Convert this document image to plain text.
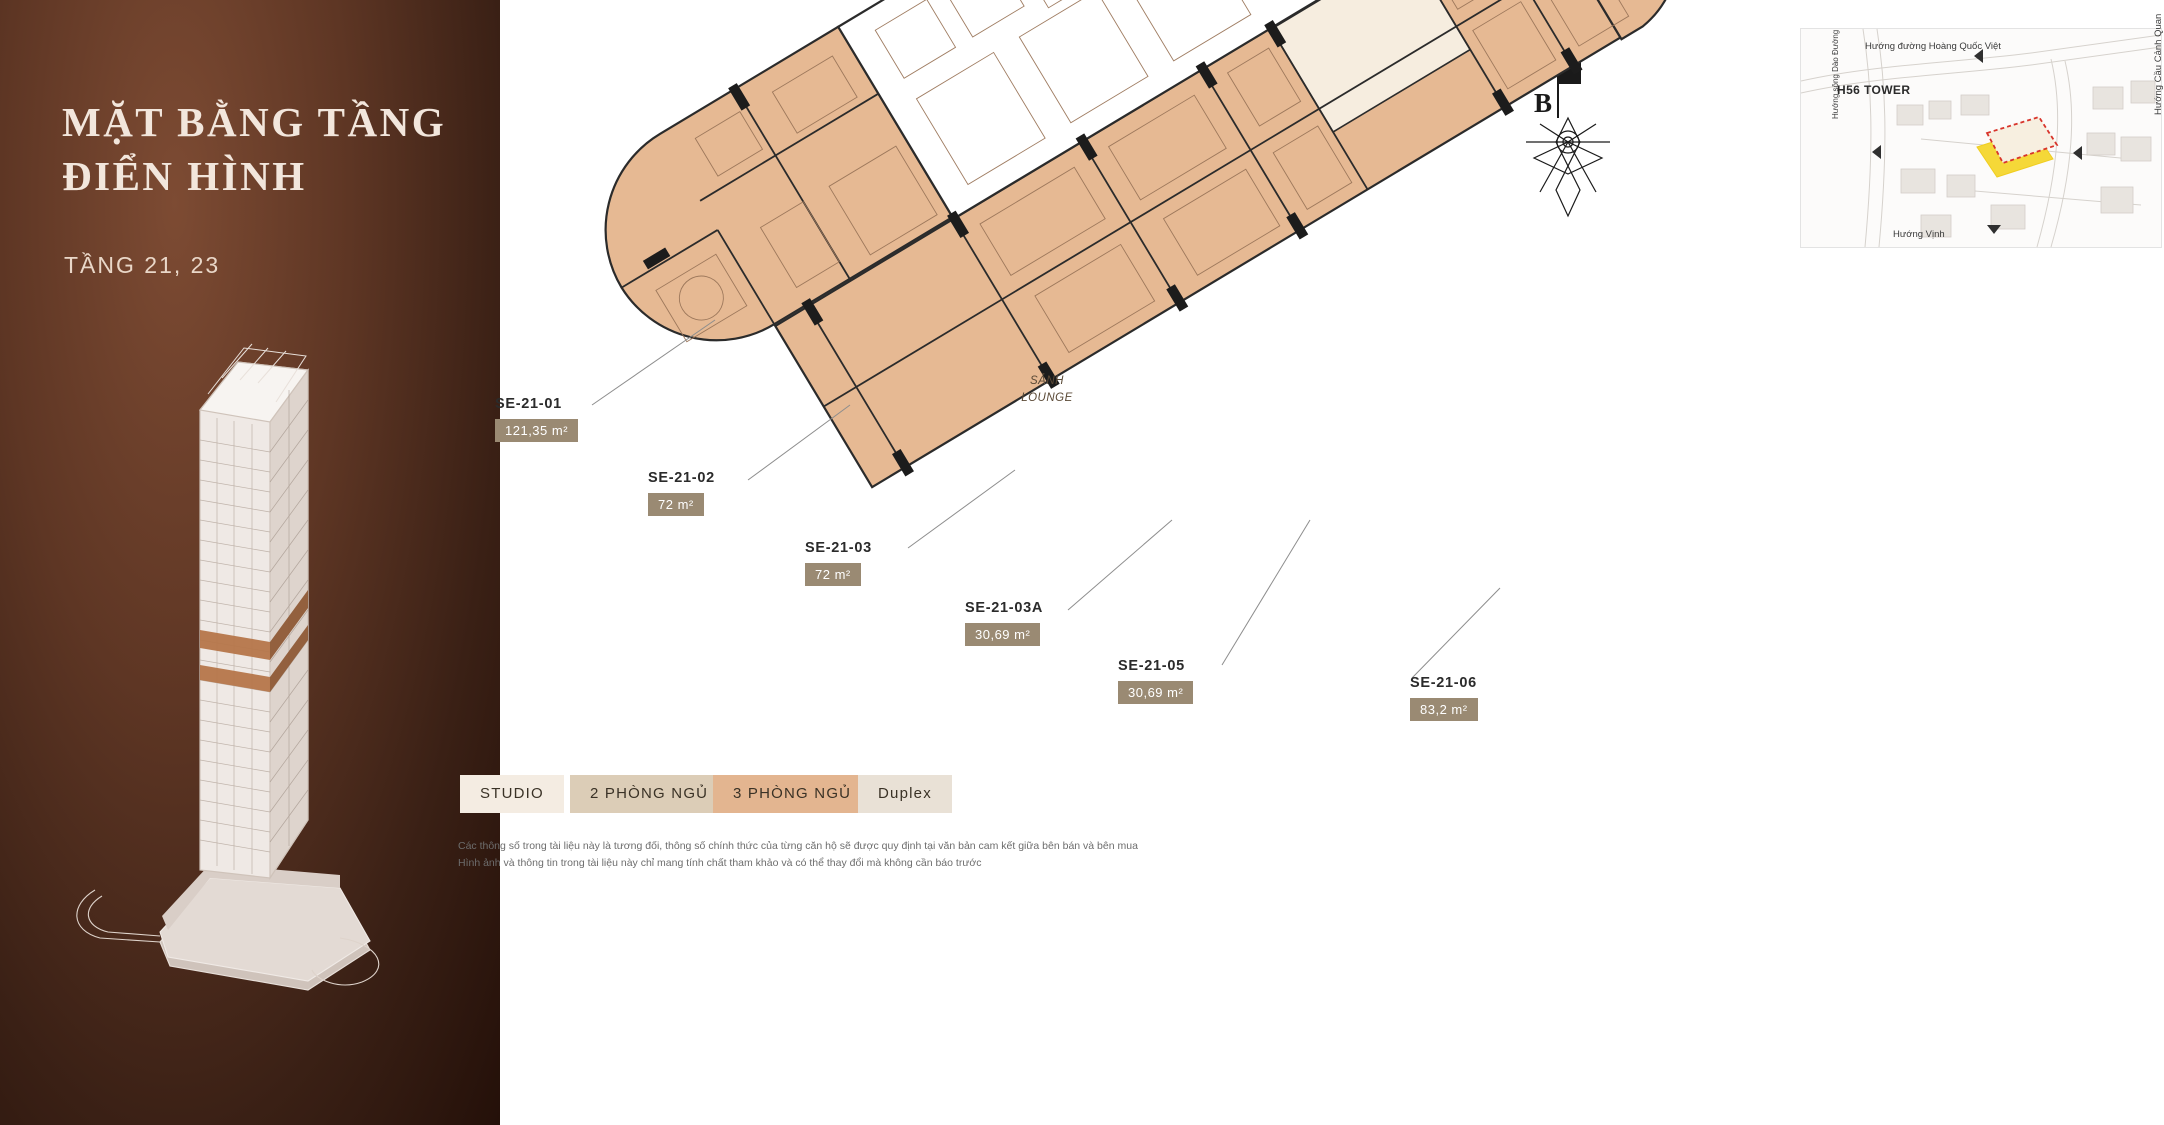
MẶT BẰNG TẦNG
ĐIỂN HÌNH
TẦNG 21, 23
B	H56 TOWER
Hướng đường Hoàng Quốc Việt	Hướng Cầu Cảnh Quan
Hướng Vịnh
Hướng sông Dào Đường
SẢNH
LOUNGE
SE-21-01
121,35 m²
SE-21-02
72 m²
SE-21-03
72 m²
SE-21-03A
30,69 m²
SE-21-05
30,69 m²
SE-21-06
83,2 m²
STUDIO	2 PHÒNG NGỦ	3 PHÒNG NGỦ	Duplex
Các thông số trong tài liệu này là tương đối, thông số chính thức của từng căn hộ sẽ được quy định tại văn bản cam kết giữa bên bán và bên mua
Hình ảnh và thông tin trong tài liệu này chỉ mang tính chất tham khảo và có thể thay đổi mà không cần báo trước
